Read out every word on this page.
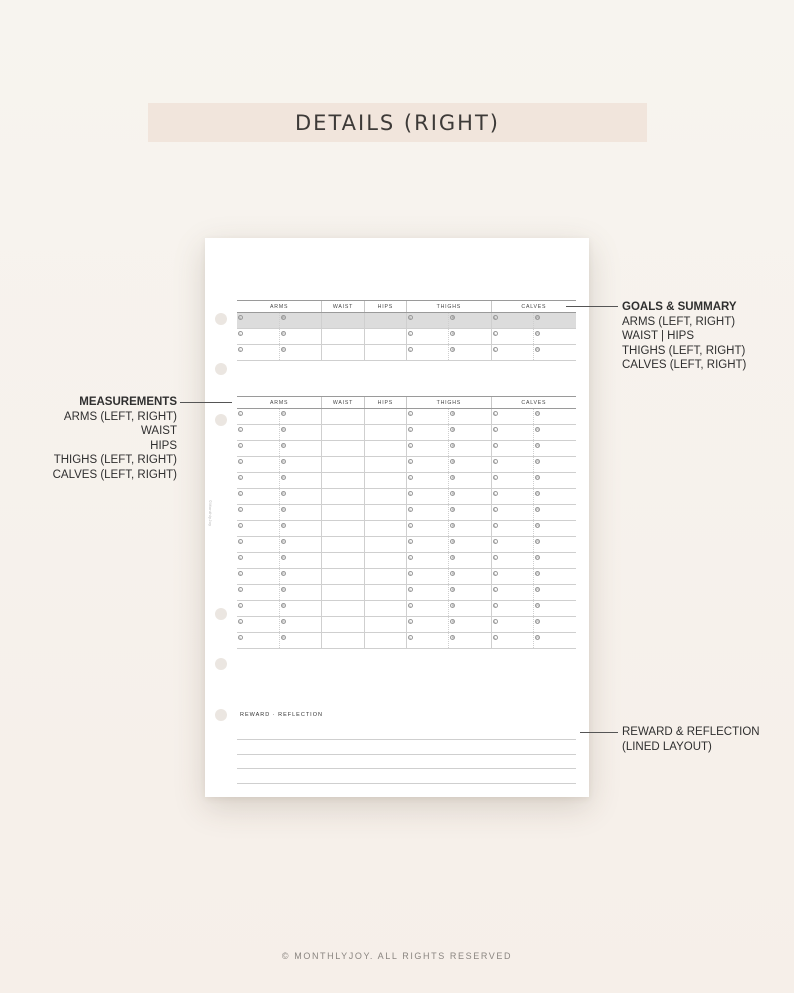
DETAILS (RIGHT)
©MonthlyJoy
ARMS		WAIST	HIPS	THIGHS		CALVES	
L	R			L	R	L	R
L	R			L	R	L	R
L	R			L	R	L	R
ARMS		WAIST	HIPS	THIGHS		CALVES	
L	R			L	R	L	R
L	R			L	R	L	R
L	R			L	R	L	R
L	R			L	R	L	R
L	R			L	R	L	R
L	R			L	R	L	R
L	R			L	R	L	R
L	R			L	R	L	R
L	R			L	R	L	R
L	R			L	R	L	R
L	R			L	R	L	R
L	R			L	R	L	R
L	R			L	R	L	R
L	R			L	R	L	R
L	R			L	R	L	R
REWARD · REFLECTION
GOALS & SUMMARY
ARMS (LEFT, RIGHT)
WAIST | HIPS
THIGHS (LEFT, RIGHT)
CALVES (LEFT, RIGHT)
MEASUREMENTS
ARMS (LEFT, RIGHT)
WAIST
HIPS
THIGHS (LEFT, RIGHT)
CALVES (LEFT, RIGHT)
REWARD & REFLECTION
(LINED LAYOUT)
© MONTHLYJOY. ALL RIGHTS RESERVED
